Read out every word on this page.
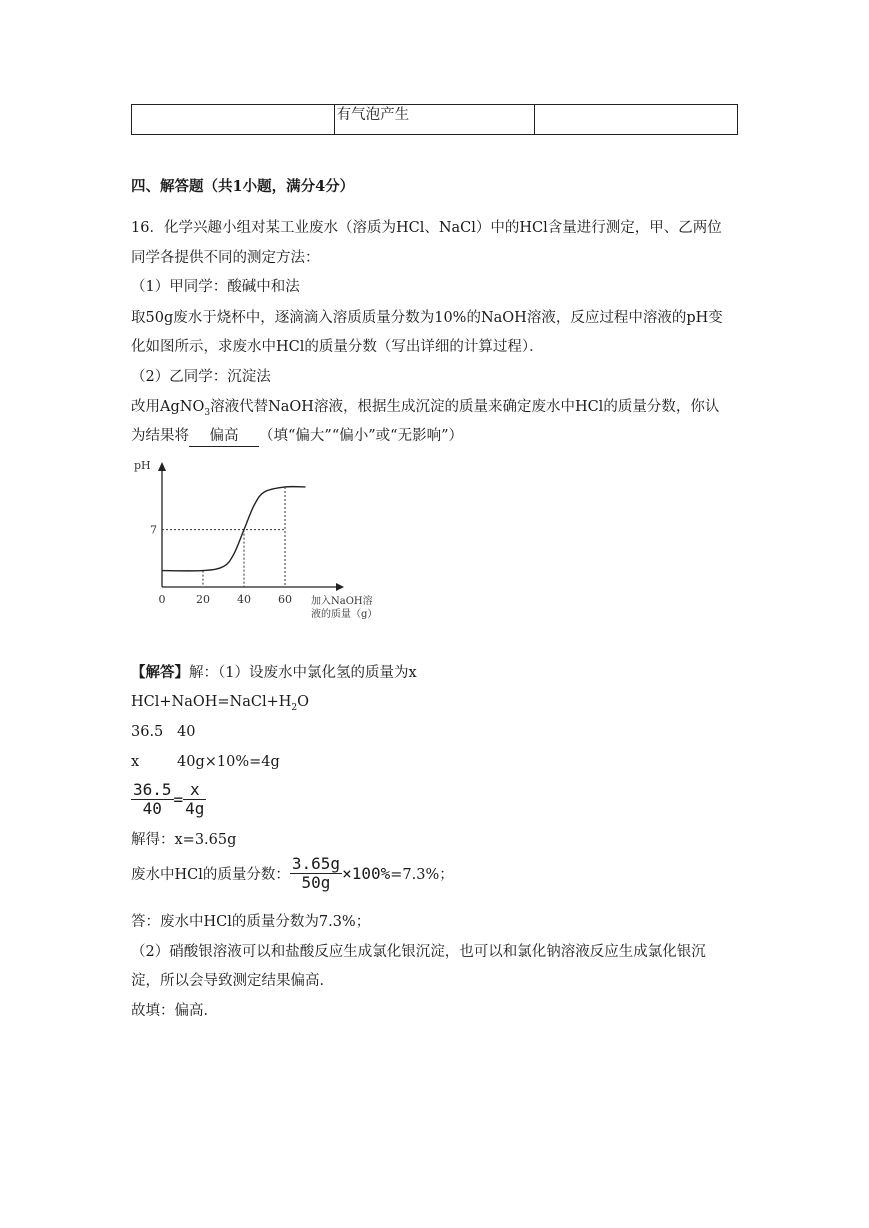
	有气泡产生	
四、解答题（共1小题，满分4分）
16．化学兴趣小组对某工业废水（溶质为HCl、NaCl）中的HCl含量进行测定，甲、乙两位
同学各提供不同的测定方法：
（1）甲同学：酸碱中和法
取50g废水于烧杯中，逐滴滴入溶质质量分数为10%的NaOH溶液，反应过程中溶液的pH变
化如图所示，求废水中HCl的质量分数（写出详细的计算过程）．
（2）乙同学：沉淀法
改用AgNO$_3$溶液代替NaOH溶液，根据生成沉淀的质量来确定废水中HCl的质量分数，你认
为结果将 偏高 （填“偏大”“偏小”或“无影响”）
pH
7
0	20 40 60 加入NaOH溶
液的质量（g）
【解答】解：（1）设废水中氯化氢的质量为x
$HCl+NaOH=NaCl+H_2O$
36.5 40
x	40g×10%=4g
$\frac{36.5}{40} = \frac{x}{4g}$
解得：x=3.65g
废水中HCl的质量分数： $\frac{3.65g}{50g} \times 100\%=7.3\%$；
答：废水中HCl的质量分数为7.3%；
（2）硝酸银溶液可以和盐酸反应生成氯化银沉淀，也可以和氯化钠溶液反应生成氯化银沉
淀，所以会导致测定结果偏高．
故填：偏高．
